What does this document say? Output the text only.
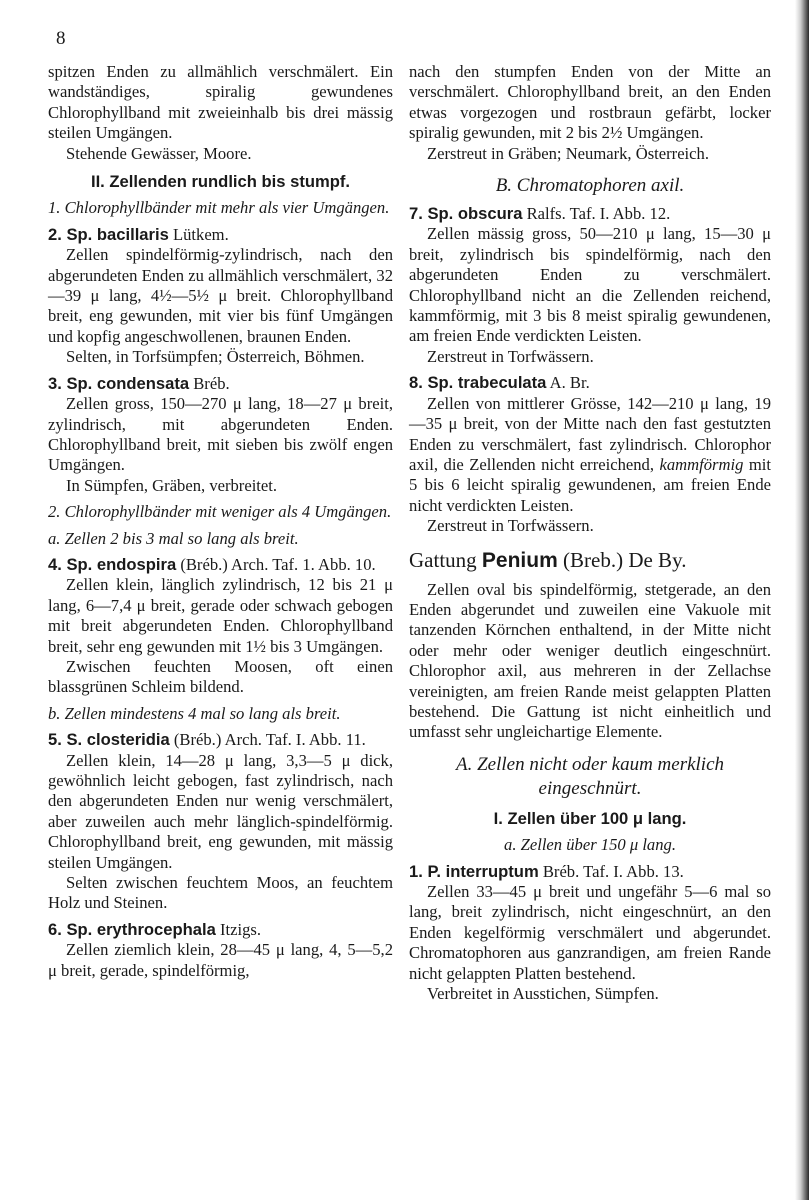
8

spitzen Enden zu allmählich verschmälert. Ein wandständiges, spiralig gewundenes Chlorophyllband mit zweieinhalb bis drei mässig steilen Umgängen.

Stehende Gewässer, Moore.

II. Zellenden rundlich bis stumpf.

1. Chlorophyllbänder mit mehr als vier Umgängen.

2. Sp. bacillaris Lütkem.

Zellen spindelförmig-zylindrisch, nach den abgerundeten Enden zu allmählich verschmälert, 32—39 μ lang, 4½—5½ μ breit. Chlorophyllband breit, eng gewunden, mit vier bis fünf Umgängen und kopfig angeschwollenen, braunen Enden.

Selten, in Torfsümpfen; Österreich, Böhmen.

3. Sp. condensata Bréb.

Zellen gross, 150—270 μ lang, 18—27 μ breit, zylindrisch, mit abgerundeten Enden. Chlorophyllband breit, mit sieben bis zwölf engen Umgängen.

In Sümpfen, Gräben, verbreitet.

2. Chlorophyllbänder mit weniger als 4 Umgängen.

a. Zellen 2 bis 3 mal so lang als breit.

4. Sp. endospira (Bréb.) Arch. Taf. 1. Abb. 10.

Zellen klein, länglich zylindrisch, 12 bis 21 μ lang, 6—7,4 μ breit, gerade oder schwach gebogen mit breit abgerundeten Enden. Chlorophyllband breit, sehr eng gewunden mit 1½ bis 3 Umgängen.

Zwischen feuchten Moosen, oft einen blassgrünen Schleim bildend.

b. Zellen mindestens 4 mal so lang als breit.

5. S. closteridia (Bréb.) Arch. Taf. I. Abb. 11.

Zellen klein, 14—28 μ lang, 3,3—5 μ dick, gewöhnlich leicht gebogen, fast zylindrisch, nach den abgerundeten Enden nur wenig verschmälert, aber zuweilen auch mehr länglich-spindelförmig. Chlorophyllband breit, eng gewunden, mit mässig steilen Umgängen.

Selten zwischen feuchtem Moos, an feuchtem Holz und Steinen.

6. Sp. erythrocephala Itzigs.

Zellen ziemlich klein, 28—45 μ lang, 4, 5—5,2 μ breit, gerade, spindelförmig,

nach den stumpfen Enden von der Mitte an verschmälert. Chlorophyllband breit, an den Enden etwas vorgezogen und rostbraun gefärbt, locker spiralig gewunden, mit 2 bis 2½ Umgängen.

Zerstreut in Gräben; Neumark, Österreich.

B. Chromatophoren axil.

7. Sp. obscura Ralfs. Taf. I. Abb. 12.

Zellen mässig gross, 50—210 μ lang, 15—30 μ breit, zylindrisch bis spindelförmig, nach den abgerundeten Enden zu verschmälert. Chlorophyllband nicht an die Zellenden reichend, kammförmig, mit 3 bis 8 meist spiralig gewundenen, am freien Ende verdickten Leisten.

Zerstreut in Torfwässern.

8. Sp. trabeculata A. Br.

Zellen von mittlerer Grösse, 142—210 μ lang, 19—35 μ breit, von der Mitte nach den fast gestutzten Enden zu verschmälert, fast zylindrisch. Chlorophor axil, die Zellenden nicht erreichend, kammförmig mit 5 bis 6 leicht spiralig gewundenen, am freien Ende nicht verdickten Leisten.

Zerstreut in Torfwässern.

Gattung Penium (Breb.) De By.

Zellen oval bis spindelförmig, stetgerade, an den Enden abgerundet und zuweilen eine Vakuole mit tanzenden Körnchen enthaltend, in der Mitte nicht oder mehr oder weniger deutlich eingeschnürt. Chlorophor axil, aus mehreren in der Zellachse vereinigten, am freien Rande meist gelappten Platten bestehend. Die Gattung ist nicht einheitlich und umfasst sehr ungleichartige Elemente.

A. Zellen nicht oder kaum merklich eingeschnürt.
I. Zellen über 100 μ lang.

a. Zellen über 150 μ lang.

1. P. interruptum Bréb. Taf. I. Abb. 13.

Zellen 33—45 μ breit und ungefähr 5—6 mal so lang, breit zylindrisch, nicht eingeschnürt, an den Enden kegelförmig verschmälert und abgerundet. Chromatophoren aus ganzrandigen, am freien Rande nicht gelappten Platten bestehend.

Verbreitet in Ausstichen, Sümpfen.
